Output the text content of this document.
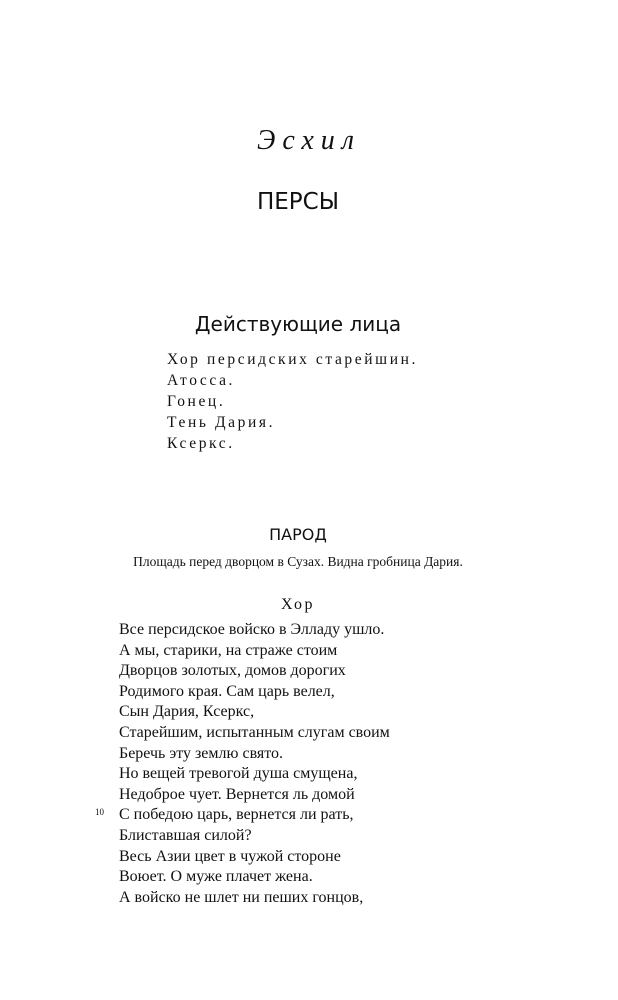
Эсхил
ПЕРСЫ
Действующие лица
Хор персидских старейшин.
Атосса.
Гонец.
Тень Дария.
Ксеркс.
ПАРОД
Площадь перед дворцом в Сузах. Видна гробница Дария.
Хор
Все персидское войско в Элладу ушло.
А мы, старики, на страже стоим
Дворцов золотых, домов дорогих
Родимого края. Сам царь велел,
Сын Дария, Ксеркс,
Старейшим, испытанным слугам своим
Беречь эту землю свято.
Но вещей тревогой душа смущена,
Недоброе чует. Вернется ль домой
10 С победою царь, вернется ли рать,
Блиставшая силой?
Весь Азии цвет в чужой стороне
Воюет. О муже плачет жена.
А войско не шлет ни пеших гонцов,
